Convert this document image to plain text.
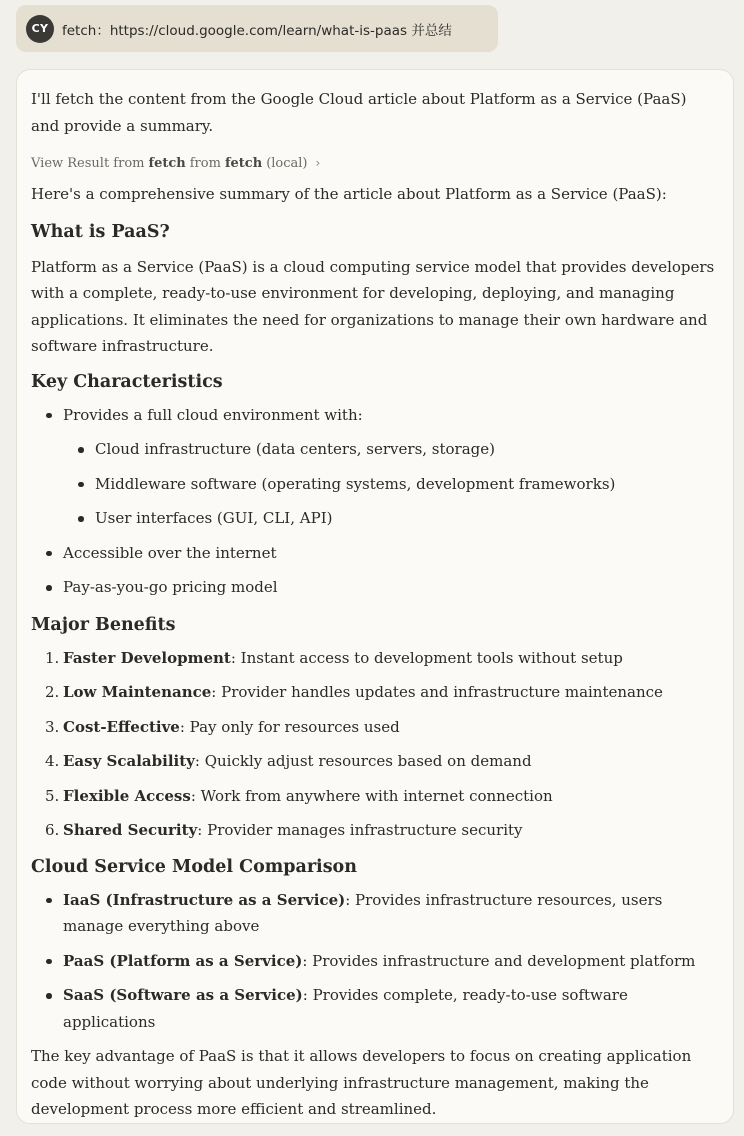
CY	fetch：https://cloud.google.com/learn/what-is-paas 并总结

I'll fetch the content from the Google Cloud article about Platform as a Service (PaaS) and provide a summary.

View Result from fetch from fetch (local) ›

Here's a comprehensive summary of the article about Platform as a Service (PaaS):

What is PaaS?

Platform as a Service (PaaS) is a cloud computing service model that provides developers with a complete, ready-to-use environment for developing, deploying, and managing applications. It eliminates the need for organizations to manage their own hardware and software infrastructure.

Key Characteristics
Provides a full cloud environment with:
Cloud infrastructure (data centers, servers, storage)
Middleware software (operating systems, development frameworks)
User interfaces (GUI, CLI, API)
Accessible over the internet
Pay-as-you-go pricing model
Major Benefits
1. Faster Development: Instant access to development tools without setup
2. Low Maintenance: Provider handles updates and infrastructure maintenance
3. Cost-Effective: Pay only for resources used
4. Easy Scalability: Quickly adjust resources based on demand
5. Flexible Access: Work from anywhere with internet connection
6. Shared Security: Provider manages infrastructure security
Cloud Service Model Comparison
IaaS (Infrastructure as a Service): Provides infrastructure resources, users manage everything above
PaaS (Platform as a Service): Provides infrastructure and development platform
SaaS (Software as a Service): Provides complete, ready-to-use software applications

The key advantage of PaaS is that it allows developers to focus on creating application code without worrying about underlying infrastructure management, making the development process more efficient and streamlined.
